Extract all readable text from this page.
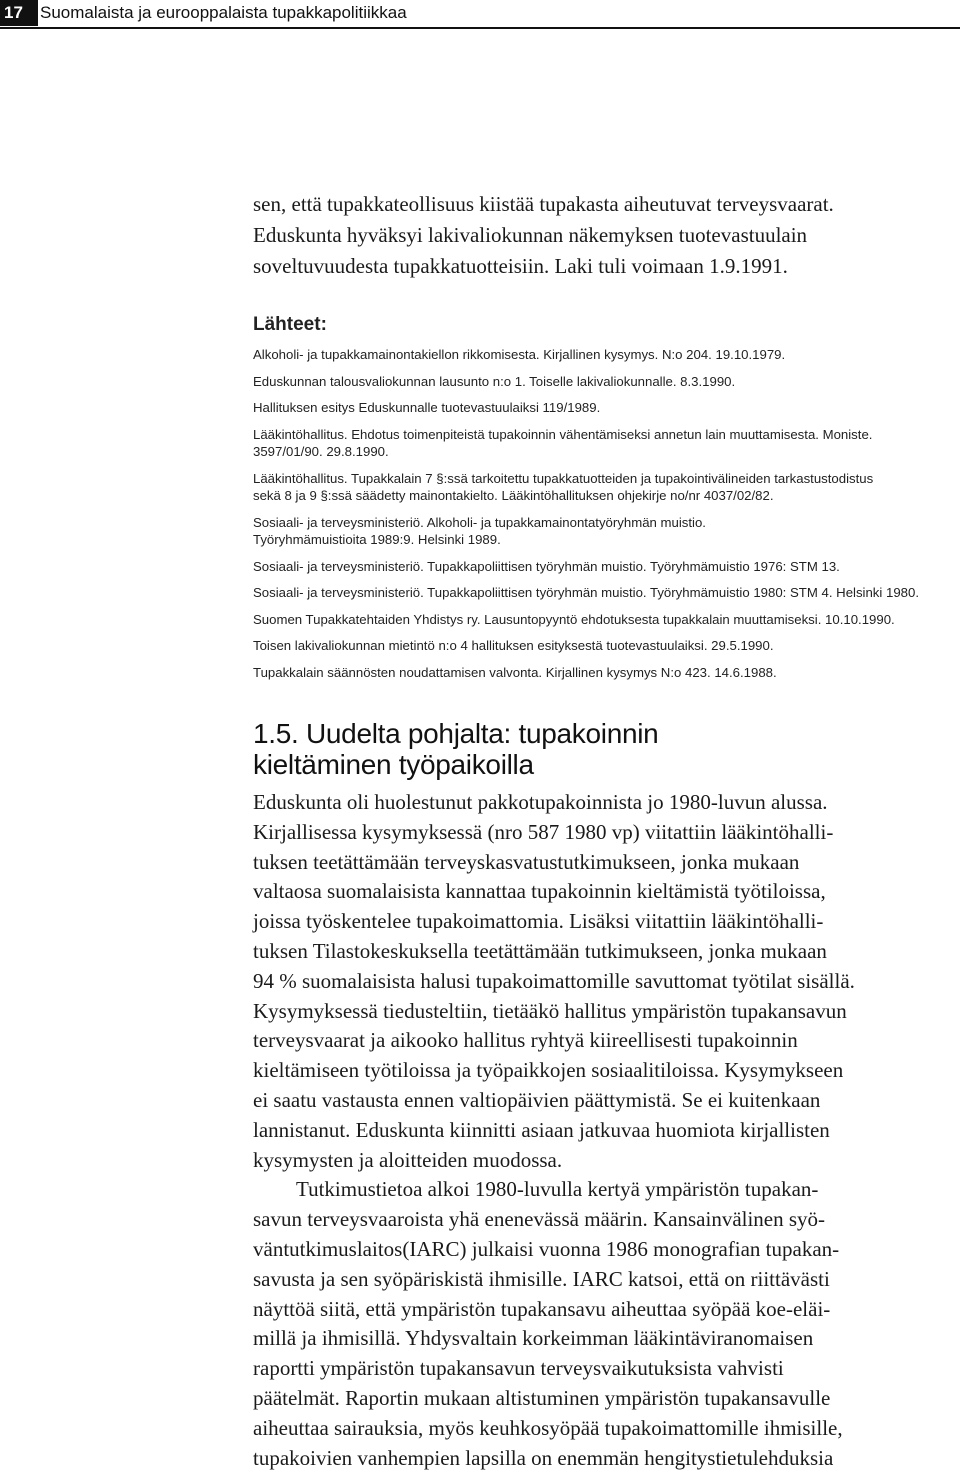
17	Suomalaista ja eurooppalaista tupakkapolitiikkaa

sen, että tupakkateollisuus kiistää tupakasta aiheutuvat terveysvaarat.

Eduskunta hyväksyi lakivaliokunnan näkemyksen tuotevastuulain

soveltuvuudesta tupakkatuotteisiin. Laki tuli voimaan 1.9.1991.

Lähteet:
Alkoholi- ja tupakkamainontakiellon rikkomisesta. Kirjallinen kysymys. N:o 204. 19.10.1979.
Eduskunnan talousvaliokunnan lausunto n:o 1. Toiselle lakivaliokunnalle. 8.3.1990.
Hallituksen esitys Eduskunnalle tuotevastuulaiksi 119/1989.
Lääkintöhallitus. Ehdotus toimenpiteistä tupakoinnin vähentämiseksi annetun lain muuttamisesta. Moniste.
3597/01/90. 29.8.1990.
Lääkintöhallitus. Tupakkalain 7 §:ssä tarkoitettu tupakkatuotteiden ja tupakointivälineiden tarkastustodistus
sekä 8 ja 9 §:ssä säädetty mainontakielto. Lääkintöhallituksen ohjekirje no/nr 4037/02/82.
Sosiaali- ja terveysministeriö. Alkoholi- ja tupakkamainontatyöryhmän muistio.
Työryhmämuistioita 1989:9. Helsinki 1989.
Sosiaali- ja terveysministeriö. Tupakkapoliittisen työryhmän muistio. Työryhmämuistio 1976: STM 13.
Sosiaali- ja terveysministeriö. Tupakkapoliittisen työryhmän muistio. Työryhmämuistio 1980: STM 4. Helsinki 1980.
Suomen Tupakkatehtaiden Yhdistys ry. Lausuntopyyntö ehdotuksesta tupakkalain muuttamiseksi. 10.10.1990.
Toisen lakivaliokunnan mietintö n:o 4 hallituksen esityksestä tuotevastuulaiksi. 29.5.1990.
Tupakkalain säännösten noudattamisen valvonta. Kirjallinen kysymys N:o 423. 14.6.1988.
1.5. Uudelta pohjalta: tupakoinnin
kieltäminen työpaikoilla

Eduskunta oli huolestunut pakkotupakoinnista jo 1980-luvun alussa.

Kirjallisessa kysymyksessä (nro 587 1980 vp) viitattiin lääkintöhalli-

tuksen teetättämään terveyskasvatustutkimukseen, jonka mukaan

valtaosa suomalaisista kannattaa tupakoinnin kieltämistä työtiloissa,

joissa työskentelee tupakoimattomia. Lisäksi viitattiin lääkintöhalli-

tuksen Tilastokeskuksella teetättämään tutkimukseen, jonka mukaan

94 % suomalaisista halusi tupakoimattomille savuttomat työtilat sisällä.

Kysymyksessä tiedusteltiin, tietääkö hallitus ympäristön tupakansavun

terveysvaarat ja aikooko hallitus ryhtyä kiireellisesti tupakoinnin

kieltämiseen työtiloissa ja työpaikkojen sosiaalitiloissa. Kysymykseen

ei saatu vastausta ennen valtiopäivien päättymistä. Se ei kuitenkaan

lannistanut. Eduskunta kiinnitti asiaan jatkuvaa huomiota kirjallisten

kysymysten ja aloitteiden muodossa.

Tutkimustietoa alkoi 1980-luvulla kertyä ympäristön tupakan-

savun terveysvaaroista yhä enenevässä määrin. Kansainvälinen syö-

väntutkimuslaitos(IARC) julkaisi vuonna 1986 monografian tupakan-

savusta ja sen syöpäriskistä ihmisille. IARC katsoi, että on riittävästi

näyttöä siitä, että ympäristön tupakansavu aiheuttaa syöpää koe-eläi-

millä ja ihmisillä. Yhdysvaltain korkeimman lääkintäviranomaisen

raportti ympäristön tupakansavun terveysvaikutuksista vahvisti

päätelmät. Raportin mukaan altistuminen ympäristön tupakansavulle

aiheuttaa sairauksia, myös keuhkosyöpää tupakoimattomille ihmisille,

tupakoivien vanhempien lapsilla on enemmän hengitystietulehduksia
